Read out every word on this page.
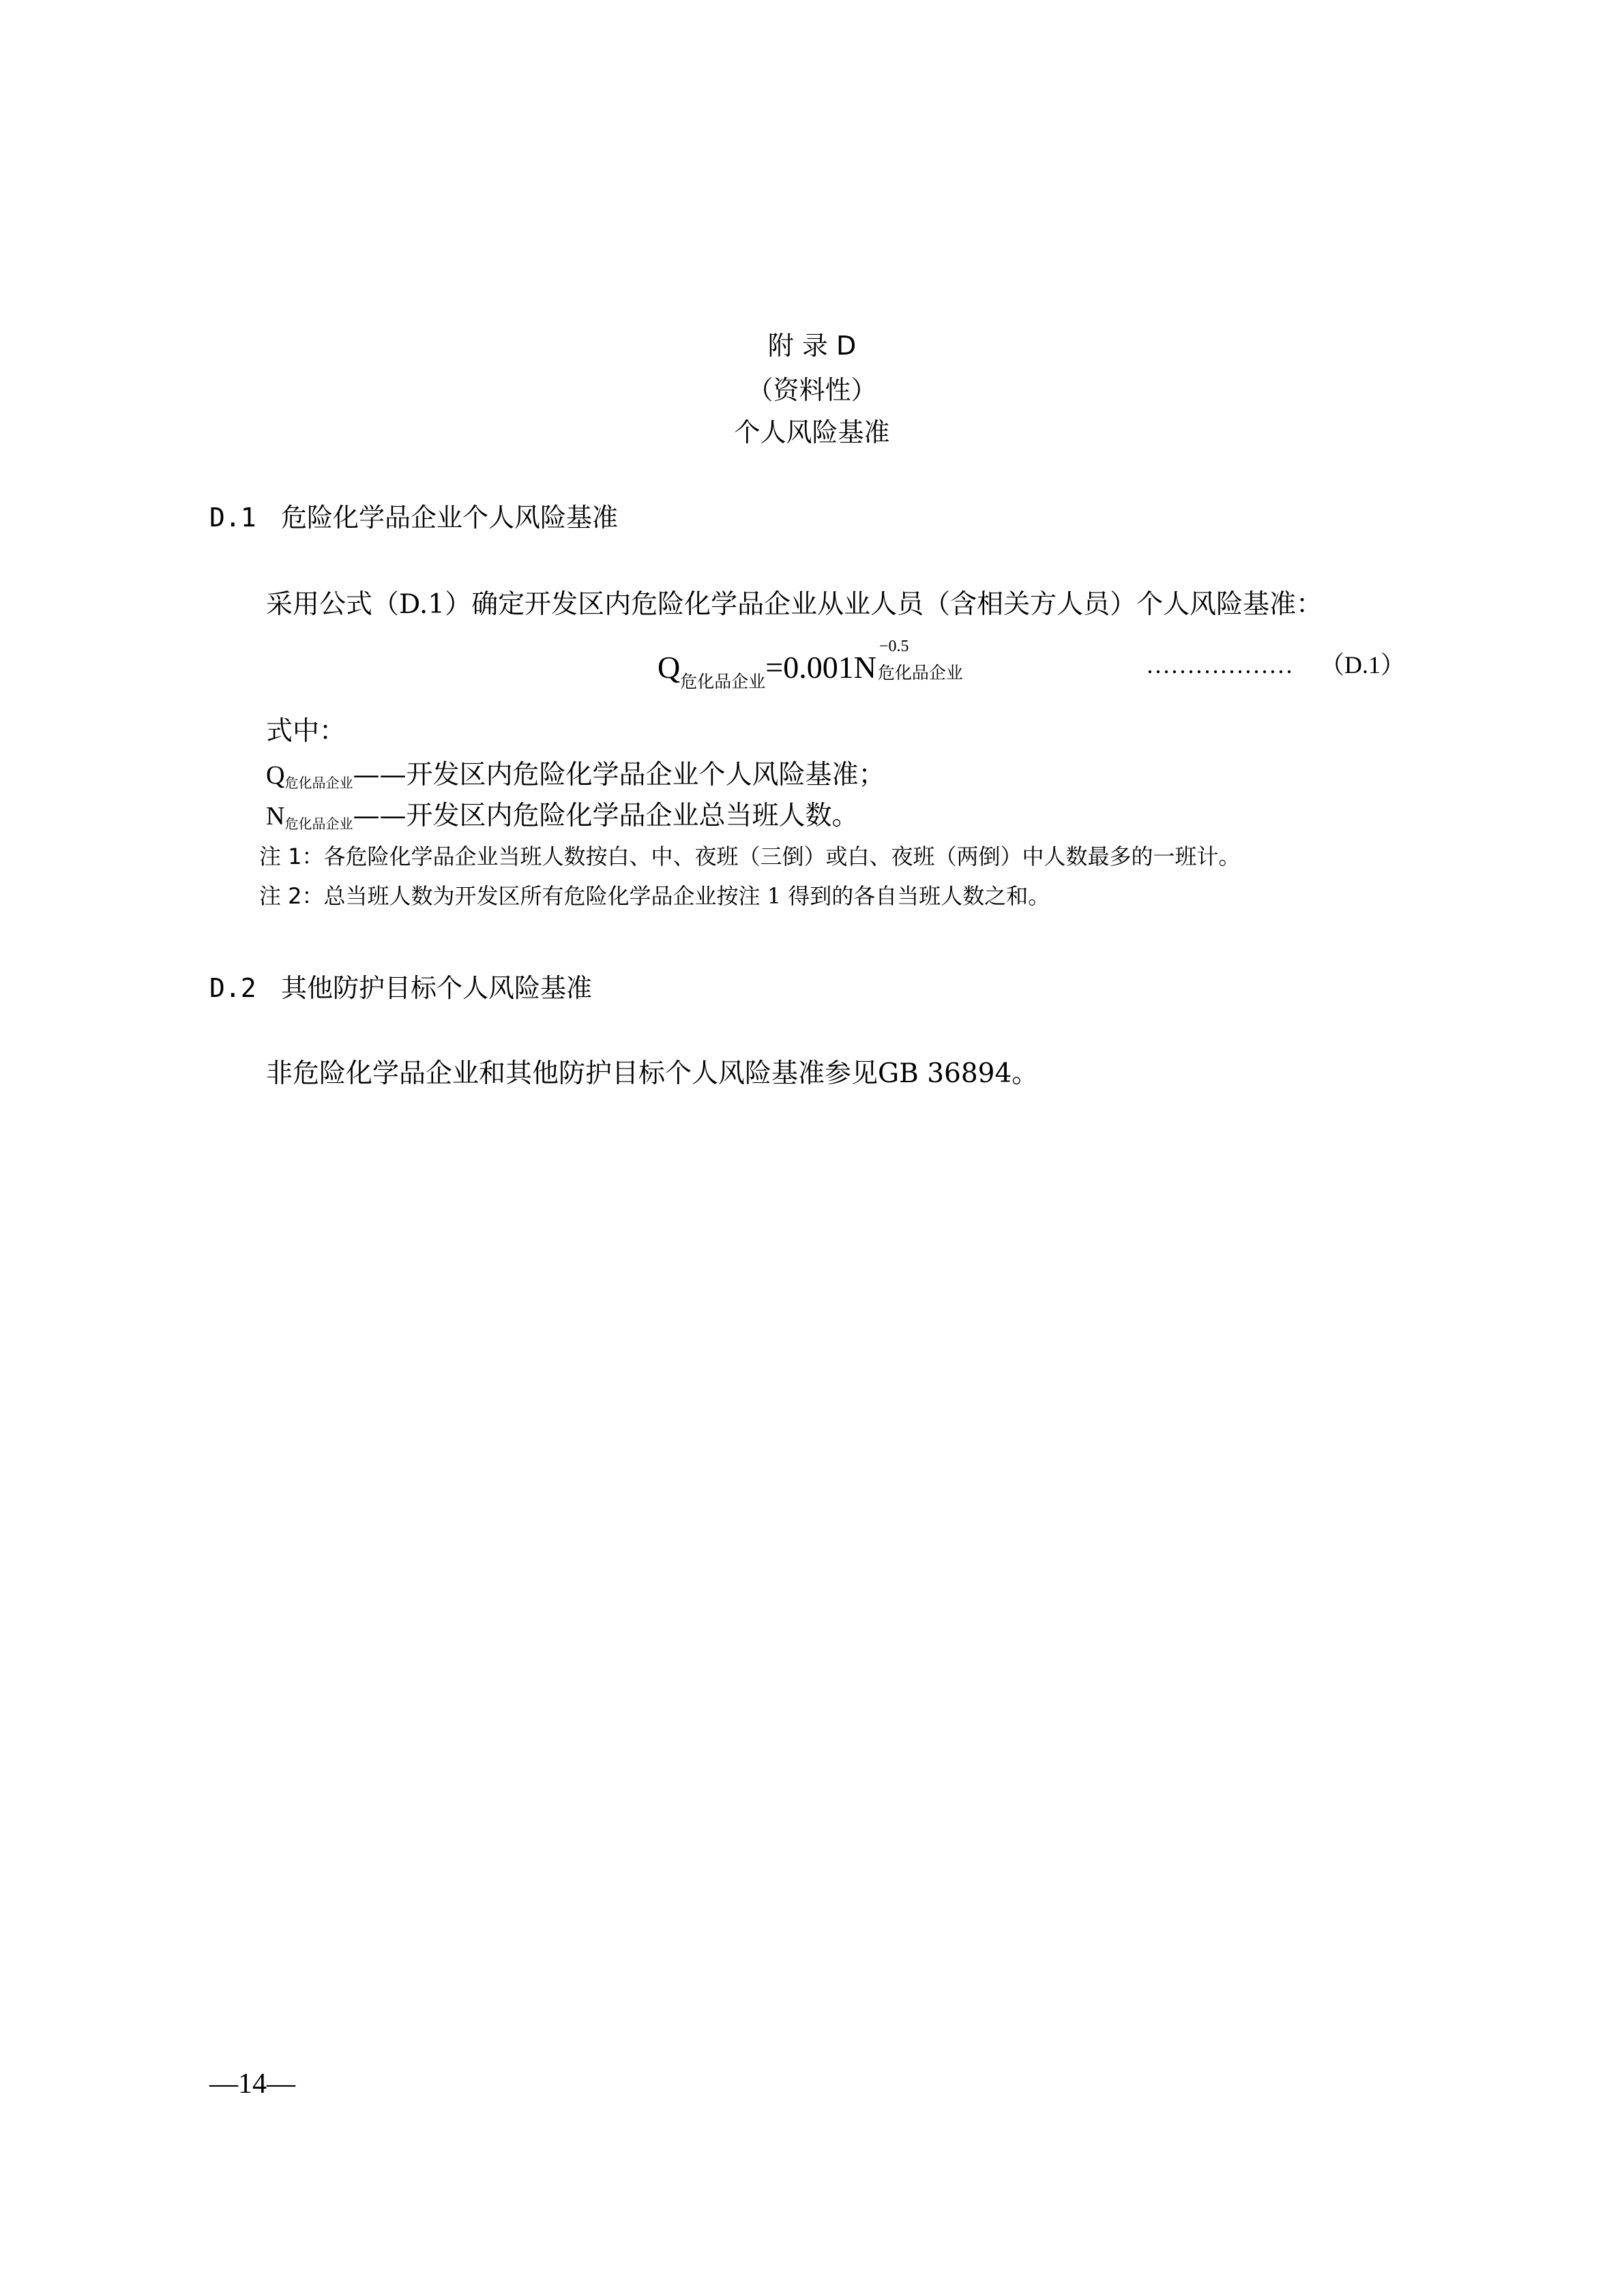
附 录 D
（资料性）
个人风险基准
D.1 危险化学品企业个人风险基准
采用公式（D.1）确定开发区内危险化学品企业从业人员（含相关方人员）个人风险基准：
$Q_{危化品企业}=0.001N$
−0.5
危化品企业	……………… （D.1）
式中：
Q危化品企业——开发区内危险化学品企业个人风险基准；
N危化品企业——开发区内危险化学品企业总当班人数。
注 1：各危险化学品企业当班人数按白、中、夜班（三倒）或白、夜班（两倒）中人数最多的一班计。
注 2：总当班人数为开发区所有危险化学品企业按注 1 得到的各自当班人数之和。
D.2 其他防护目标个人风险基准
非危险化学品企业和其他防护目标个人风险基准参见GB 36894。
—14—
